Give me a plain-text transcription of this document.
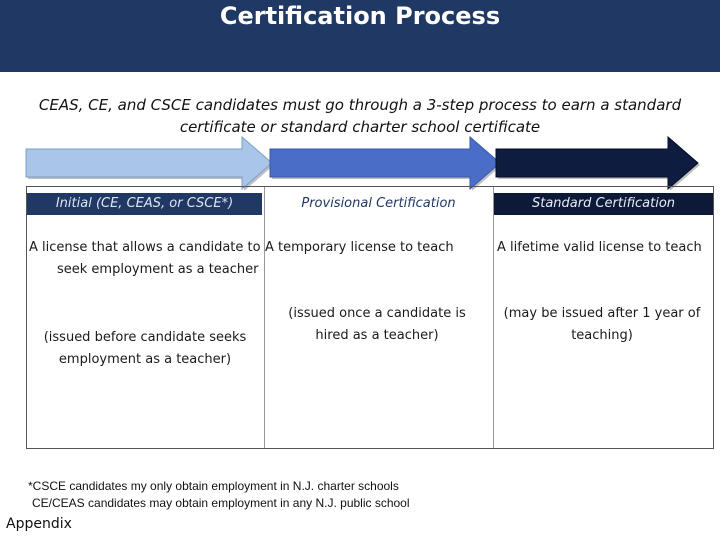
Certification Process
CEAS, CE, and CSCE candidates must go through a 3-step process to earn a standard certificate or standard charter school certificate
Initial (CE, CEAS, or CSCE*)	Provisional Certification	Standard Certification
A license that allows a candidate to seek employment as a teacher
(issued before candidate seeks employment as a teacher)
A temporary license to teach
(issued once a candidate is hired as a teacher)
A lifetime valid license to teach
(may be issued after 1 year of teaching)
*CSCE candidates my only obtain employment in N.J. charter schools
CE/CEAS candidates may obtain employment in any N.J. public school
Appendix
